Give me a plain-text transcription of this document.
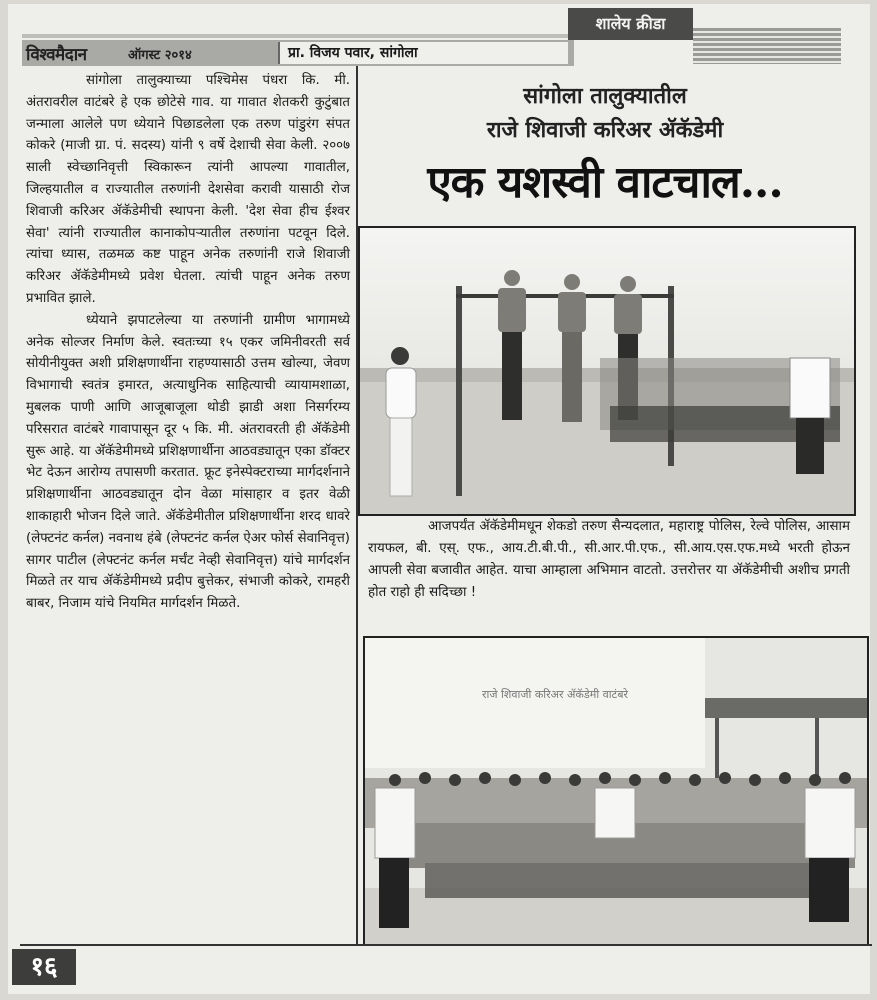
विश्वमैदान	ऑगस्ट २०१४	प्रा. विजय पवार, सांगोला
शालेय क्रीडा

सांगोला तालुक्याच्या पश्चिमेस पंधरा कि. मी. अंतरावरील वाटंबरे हे एक छोटेसे गाव. या गावात शेतकरी कुटुंबात जन्माला आलेले पण ध्येयाने पिछाडलेला एक तरुण पांडुरंग संपत कोकरे (माजी ग्रा. पं. सदस्य) यांनी ९ वर्षे देशाची सेवा केली. २००७ साली स्वेच्छानिवृत्ती स्विकारून त्यांनी आपल्या गावातील, जिल्हयातील व राज्यातील तरुणांनी देशसेवा करावी यासाठी रोज शिवाजी करिअर ॲकॅडेमीची स्थापना केली. 'देश सेवा हीच ईश्वर सेवा' त्यांनी राज्यातील कानाकोपऱ्यातील तरुणांना पटवून दिले. त्यांचा ध्यास, तळमळ कष्ट पाहून अनेक तरुणांनी राजे शिवाजी करिअर ॲकॅडेमीमध्ये प्रवेश घेतला. त्यांची पाहून अनेक तरुण प्रभावित झाले.

ध्येयाने झपाटलेल्या या तरुणांनी ग्रामीण भागामध्ये अनेक सोल्जर निर्माण केले. स्वतःच्या १५ एकर जमिनीवरती सर्व सोयीनीयुक्त अशी प्रशिक्षणार्थीना राहण्यासाठी उत्तम खोल्या, जेवण विभागाची स्वतंत्र इमारत, अत्याधुनिक साहित्याची व्यायामशाळा, मुबलक पाणी आणि आजूबाजूला थोडी झाडी अशा निसर्गरम्य परिसरात वाटंबरे गावापासून दूर ५ कि. मी. अंतरावरती ही ॲकॅडेमी सुरू आहे. या ॲकॅडेमीमध्ये प्रशिक्षणार्थीना आठवड्यातून एका डॉक्टर भेट देऊन आरोग्य तपासणी करतात. फ्रूट इनेस्पेक्टराच्या मार्गदर्शनाने प्रशिक्षणार्थीना आठवड्यातून दोन वेळा मांसाहार व इतर वेळी शाकाहारी भोजन दिले जाते. ॲकॅडेमीतील प्रशिक्षणार्थीना शरद धावरे (लेफ्टनंट कर्नल) नवनाथ हंबे (लेफ्टनंट कर्नल ऐअर फोर्स सेवानिवृत्त) सागर पाटील (लेफ्टनंट कर्नल मर्चंट नेव्ही सेवानिवृत्त) यांचे मार्गदर्शन मिळते तर याच ॲकॅडेमीमध्ये प्रदीप बुत्तेकर, संभाजी कोकरे, रामहरी बाबर, निजाम यांचे नियमित मार्गदर्शन मिळते.

सांगोला तालुक्यातील
राजे शिवाजी करिअर ॲकॅडेमी
एक यशस्वी वाटचाल...

आजपर्यंत ॲकॅडेमीमधून शेकडो तरुण सैन्यदलात, महाराष्ट्र पोलिस, रेल्वे पोलिस, आसाम रायफल, बी. एस्. एफ., आय.टी.बी.पी., सी.आर.पी.एफ., सी.आय.एस.एफ.मध्ये भरती होऊन आपली सेवा बजावीत आहेत. याचा आम्हाला अभिमान वाटतो. उत्तरोत्तर या ॲकॅडेमीची अशीच प्रगती होत राहो ही सदिच्छा !

राजे शिवाजी करिअर ॲकॅडेमी वाटंबरे
१६
